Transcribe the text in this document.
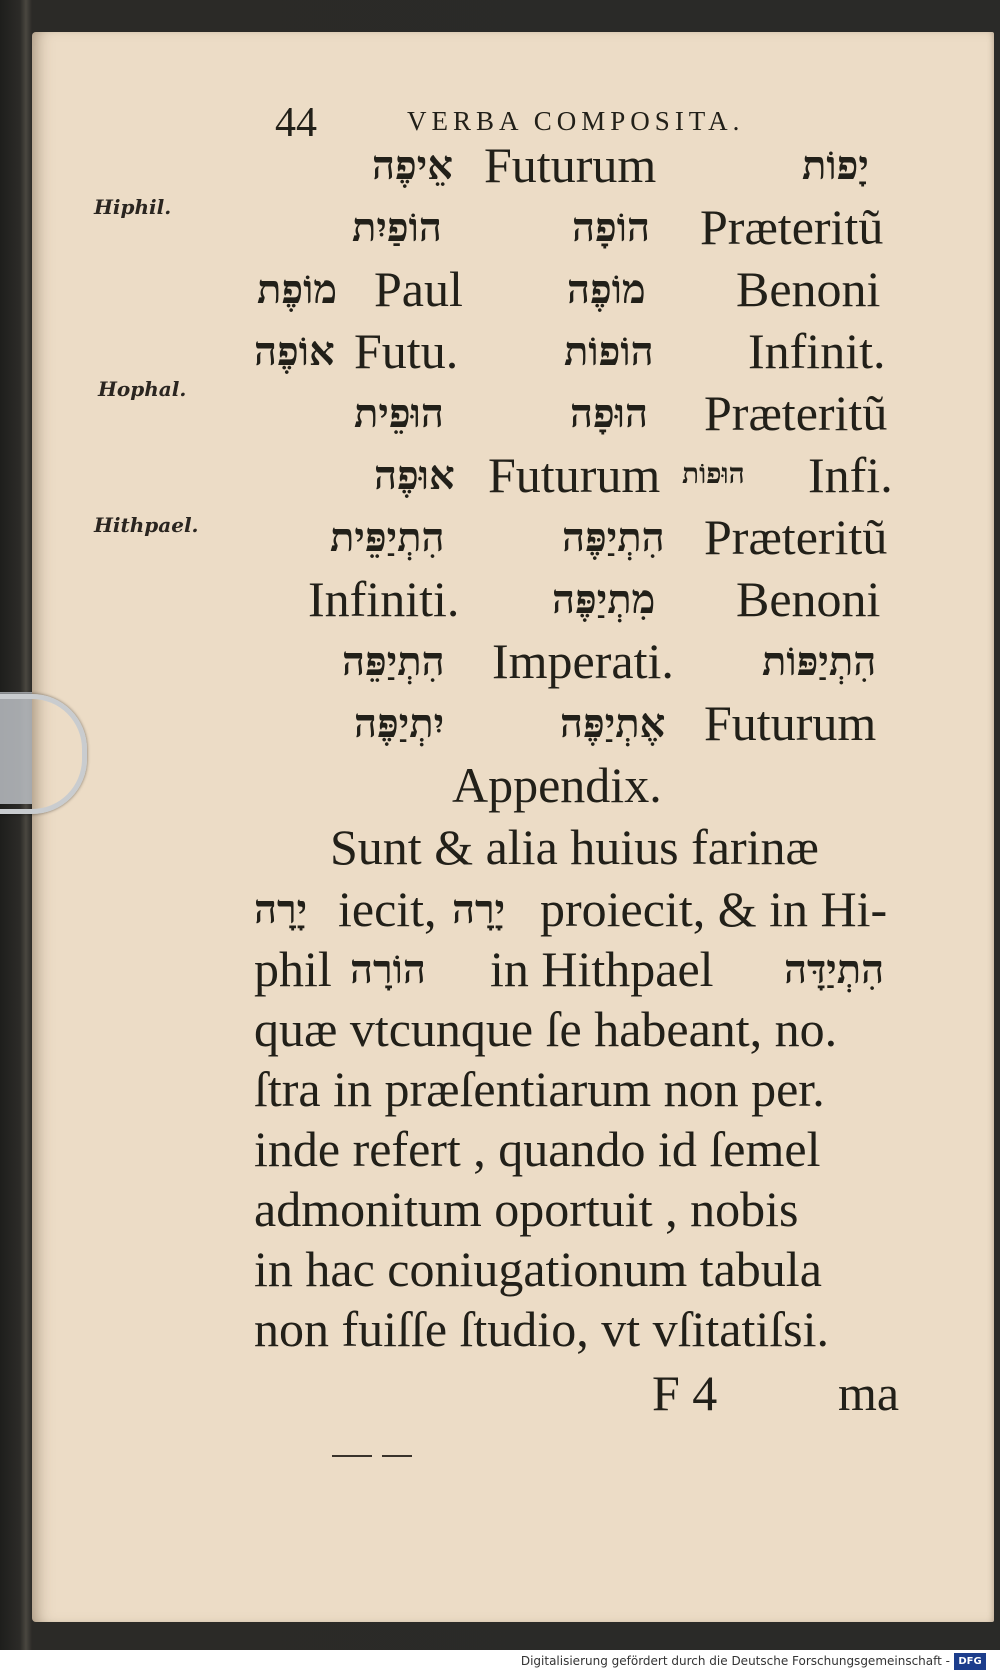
44	VERBA COMPOSITA.
Hiphil.
Hophal.
Hithpael.
אֵיפֶה Futurum	יָפוֹת
הוֹפַיִת	הוֹפָה Præteritũ
מוֹפֶת Paul	מוֹפֶה Benoni
אוֹפֶה Futu.	הוֹפוֹת Infinit.
הוּפֵית	הוּפָה Præteritũ
אוּפֶה Futurum הוּפוֹת Infi.
הִתְיַפֵּית	הִתְיַפֶּה Præteritũ
Infiniti. מִתְיַפֶּה Benoni
הִתְיַפֵּה Imperati. הִתְיַפּוֹת
יִתְיַפֶּה	אֶתְיַפֶּה Futurum
Appendix.
Sunt & alia huius farinæ
יָרָה iecit, יָרָה proiecit, & in Hi-
phil הוֹרָה in Hithpael הִתְיַדָּה
quæ vtcunque ſe habeant, no.
ſtra in præſentiarum non per.
inde refert , quando id ſemel
admonitum oportuit , nobis
in hac coniugationum tabula
non fuiſſe ſtudio, vt vſitatiſsi.
F 4 ma
Digitalisierung gefördert durch die Deutsche Forschungsgemeinschaft - DFG
